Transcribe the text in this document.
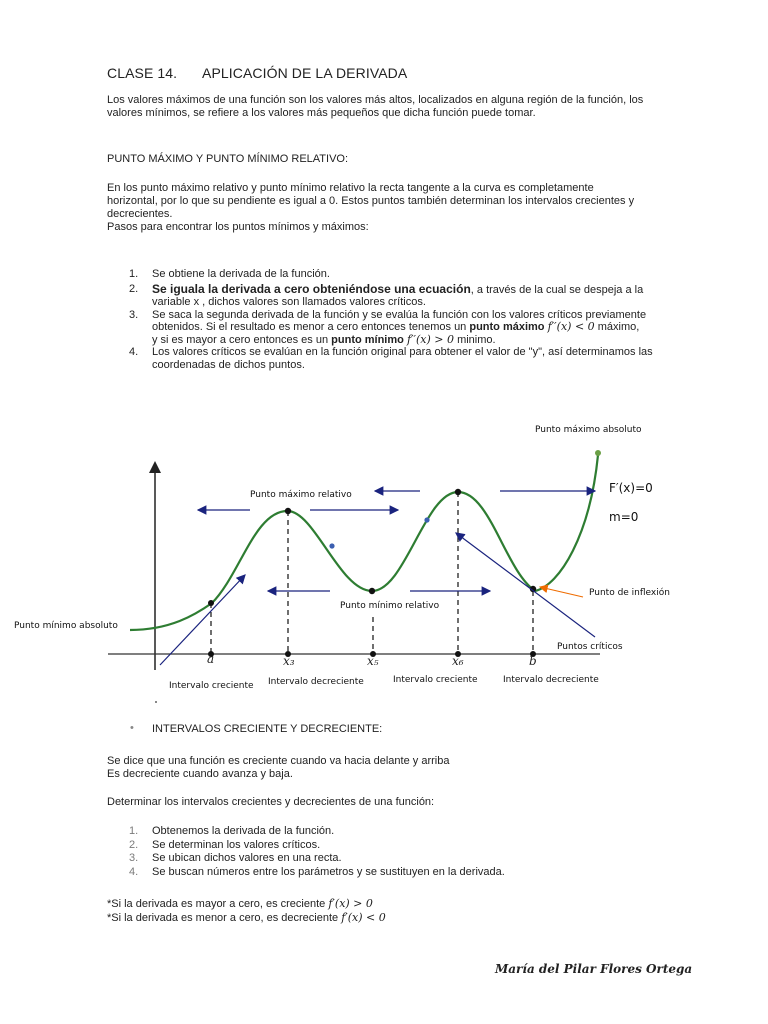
CLASE 14. APLICACIÓN DE LA DERIVADA
Los valores máximos de una función son los valores más altos, localizados en alguna región de la función, los valores mínimos, se refiere a los valores más pequeños que dicha función puede tomar.
PUNTO MÁXIMO Y PUNTO MÍNIMO RELATIVO:
En los punto máximo relativo y punto mínimo relativo la recta tangente a la curva es completamente
horizontal, por lo que su pendiente es igual a 0. Estos puntos también determinan los intervalos crecientes y
decrecientes.
Pasos para encontrar los puntos mínimos y máximos:
1. Se obtiene la derivada de la función.
2. Se iguala la derivada a cero obteniéndose una ecuación, a través de la cual se despeja a la
variable x , dichos valores son llamados valores críticos.
3. Se saca la segunda derivada de la función y se evalúa la función con los valores críticos previamente
obtenidos. Si el resultado es menor a cero entonces tenemos un punto máximo f′′(x) < 0 máximo,
y si es mayor a cero entonces es un punto mínimo f′′(x) > 0 minimo.
4. Los valores críticos se evalúan en la función original para obtener el valor de "y", así determinamos las
coordenadas de dichos puntos.
Punto máximo absoluto
Punto máximo relativo	F′(x)=0
m=0
Punto de inflexión
Punto mínimo relativo
Punto mínimo absoluto
Puntos críticos
a	x₃	x₅	x₆	b
Intervalo creciente Intervalo decreciente	Intervalo creciente	Intervalo decreciente
• INTERVALOS CRECIENTE Y DECRECIENTE:
Se dice que una función es creciente cuando va hacia delante y arriba
Es decreciente cuando avanza y baja.
Determinar los intervalos crecientes y decrecientes de una función:
1. Obtenemos la derivada de la función.
2. Se determinan los valores críticos.
3. Se ubican dichos valores en una recta.
4. Se buscan números entre los parámetros y se sustituyen en la derivada.
*Si la derivada es mayor a cero, es creciente f′(x) > 0
*Si la derivada es menor a cero, es decreciente f′(x) < 0
María del Pilar Flores Ortega
